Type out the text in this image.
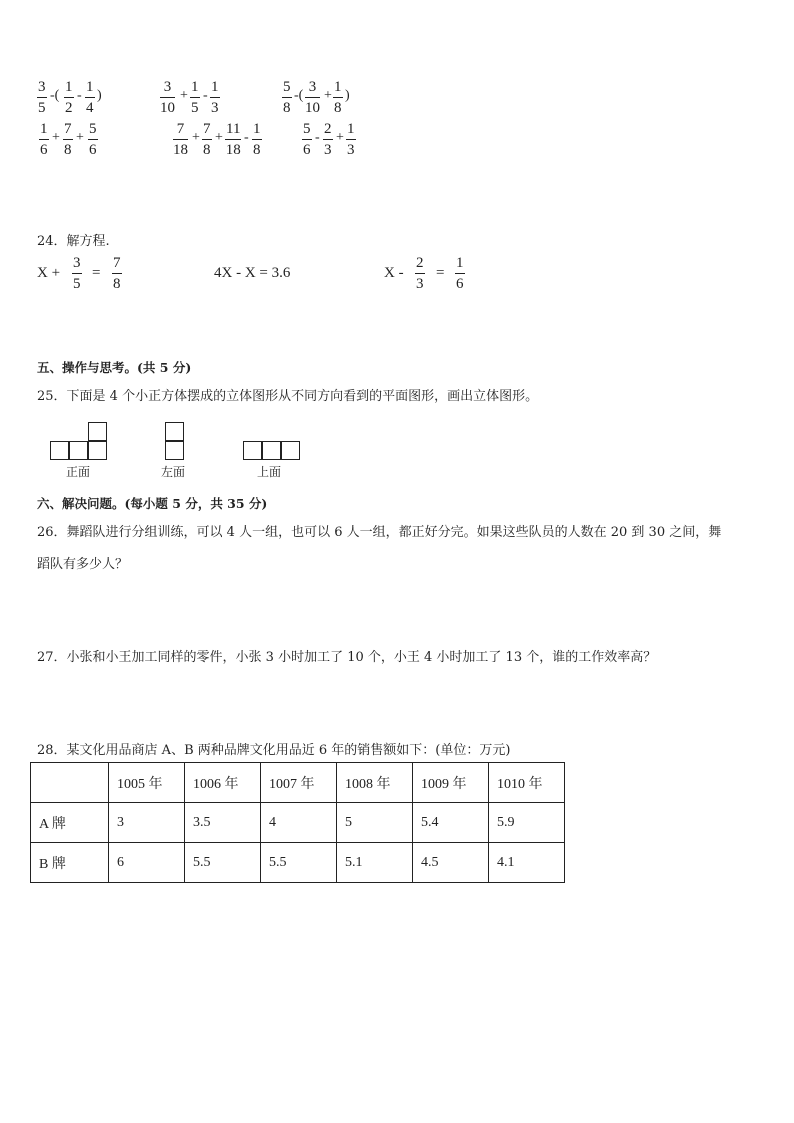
3
5
-(
1
2
-
1
4
)
3
10
+
1
5
-
1
3
5
8
-(
3
10
+
1
8
)
1
6
+
7
8
+
5
6
7
18
+
7
8
+
11
18
-
1
8
5
6
-
2
3
+
1
3
24．解方程.
X +
3
5
=
7
8
4X - X = 3.6	X -
2
3
=
1
6
五、操作与思考。(共 5 分)
25．下面是 4 个小正方体摆成的立体图形从不同方向看到的平面图形，画出立体图形。
正面	左面	上面
六、解决问题。(每小题 5 分，共 35 分)
26．舞蹈队进行分组训练，可以 4 人一组，也可以 6 人一组，都正好分完。如果这些队员的人数在 20 到 30 之间，舞
蹈队有多少人？
27．小张和小王加工同样的零件，小张 3 小时加工了 10 个，小王 4 小时加工了 13 个，谁的工作效率高？
28．某文化用品商店 A、B 两种品牌文化用品近 6 年的销售额如下：(单位：万元)
	1005 年	1006 年	1007 年	1008 年	1009 年	1010 年
A 牌	3	3.5	4	5	5.4	5.9
B 牌	6	5.5	5.5	5.1	4.5	4.1
